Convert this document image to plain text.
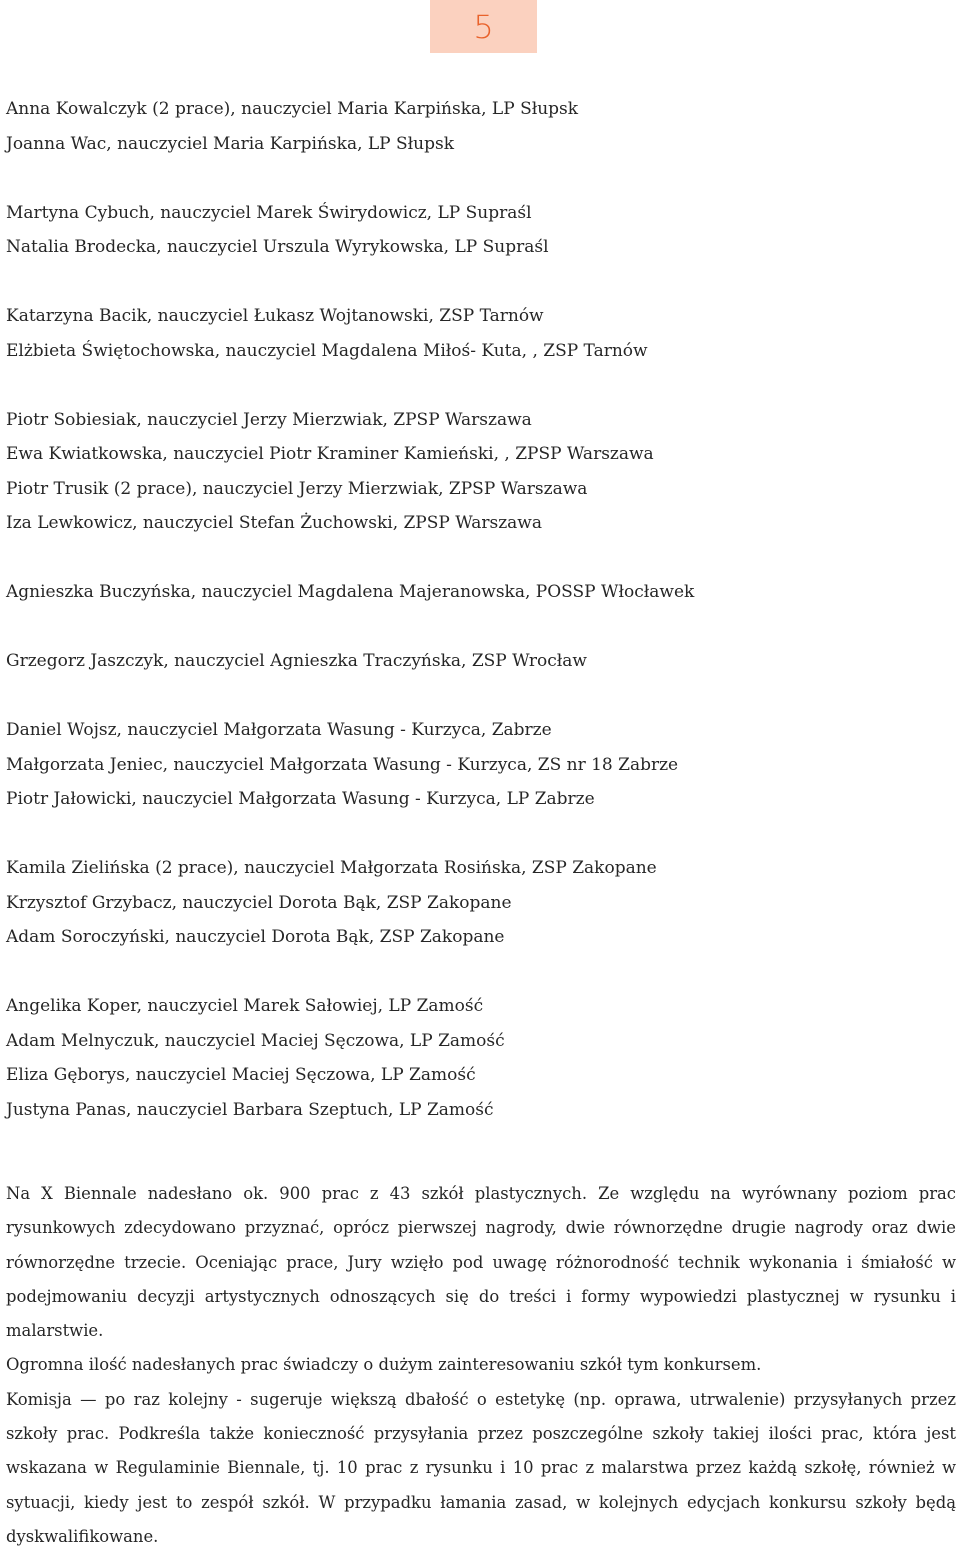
5
Anna Kowalczyk (2 prace), nauczyciel Maria Karpińska, LP Słupsk
Joanna Wac, nauczyciel Maria Karpińska, LP Słupsk
Martyna Cybuch, nauczyciel Marek Świrydowicz, LP Supraśl
Natalia Brodecka, nauczyciel Urszula Wyrykowska, LP Supraśl
Katarzyna Bacik, nauczyciel Łukasz Wojtanowski, ZSP Tarnów
Elżbieta Świętochowska, nauczyciel Magdalena Miłoś- Kuta, , ZSP Tarnów
Piotr Sobiesiak, nauczyciel Jerzy Mierzwiak, ZPSP Warszawa
Ewa Kwiatkowska, nauczyciel Piotr Kraminer Kamieński, , ZPSP Warszawa
Piotr Trusik (2 prace), nauczyciel Jerzy Mierzwiak, ZPSP Warszawa
Iza Lewkowicz, nauczyciel Stefan Żuchowski, ZPSP Warszawa
Agnieszka Buczyńska, nauczyciel Magdalena Majeranowska, POSSP Włocławek
Grzegorz Jaszczyk, nauczyciel Agnieszka Traczyńska, ZSP Wrocław
Daniel Wojsz, nauczyciel Małgorzata Wasung - Kurzyca, Zabrze
Małgorzata Jeniec, nauczyciel Małgorzata Wasung - Kurzyca, ZS nr 18 Zabrze
Piotr Jałowicki, nauczyciel Małgorzata Wasung - Kurzyca, LP Zabrze
Kamila Zielińska (2 prace), nauczyciel Małgorzata Rosińska, ZSP Zakopane
Krzysztof Grzybacz, nauczyciel Dorota Bąk, ZSP Zakopane
Adam Soroczyński, nauczyciel Dorota Bąk, ZSP Zakopane
Angelika Koper, nauczyciel Marek Sałowiej, LP Zamość
Adam Melnyczuk, nauczyciel Maciej Sęczowa, LP Zamość
Eliza Gęborys, nauczyciel Maciej Sęczowa, LP Zamość
Justyna Panas, nauczyciel Barbara Szeptuch, LP Zamość

Na X Biennale nadesłano ok. 900 prac z 43 szkół plastycznych. Ze względu na wyrównany poziom prac rysunkowych zdecydowano przyznać, oprócz pierwszej nagrody, dwie równorzędne drugie nagrody oraz dwie równorzędne trzecie. Oceniając prace, Jury wzięło pod uwagę różnorodność technik wykonania i śmiałość w podejmowaniu decyzji artystycznych odnoszących się do treści i formy wypowiedzi plastycznej w rysunku i malarstwie.

Ogromna ilość nadesłanych prac świadczy o dużym zainteresowaniu szkół tym konkursem.

Komisja — po raz kolejny - sugeruje większą dbałość o estetykę (np. oprawa, utrwalenie) przysyłanych przez szkoły prac. Podkreśla także konieczność przysyłania przez poszczególne szkoły takiej ilości prac, która jest wskazana w Regulaminie Biennale, tj. 10 prac z rysunku i 10 prac z malarstwa przez każdą szkołę, również w sytuacji, kiedy jest to zespół szkół. W przypadku łamania zasad, w kolejnych edycjach konkursu szkoły będą dyskwalifikowane.
